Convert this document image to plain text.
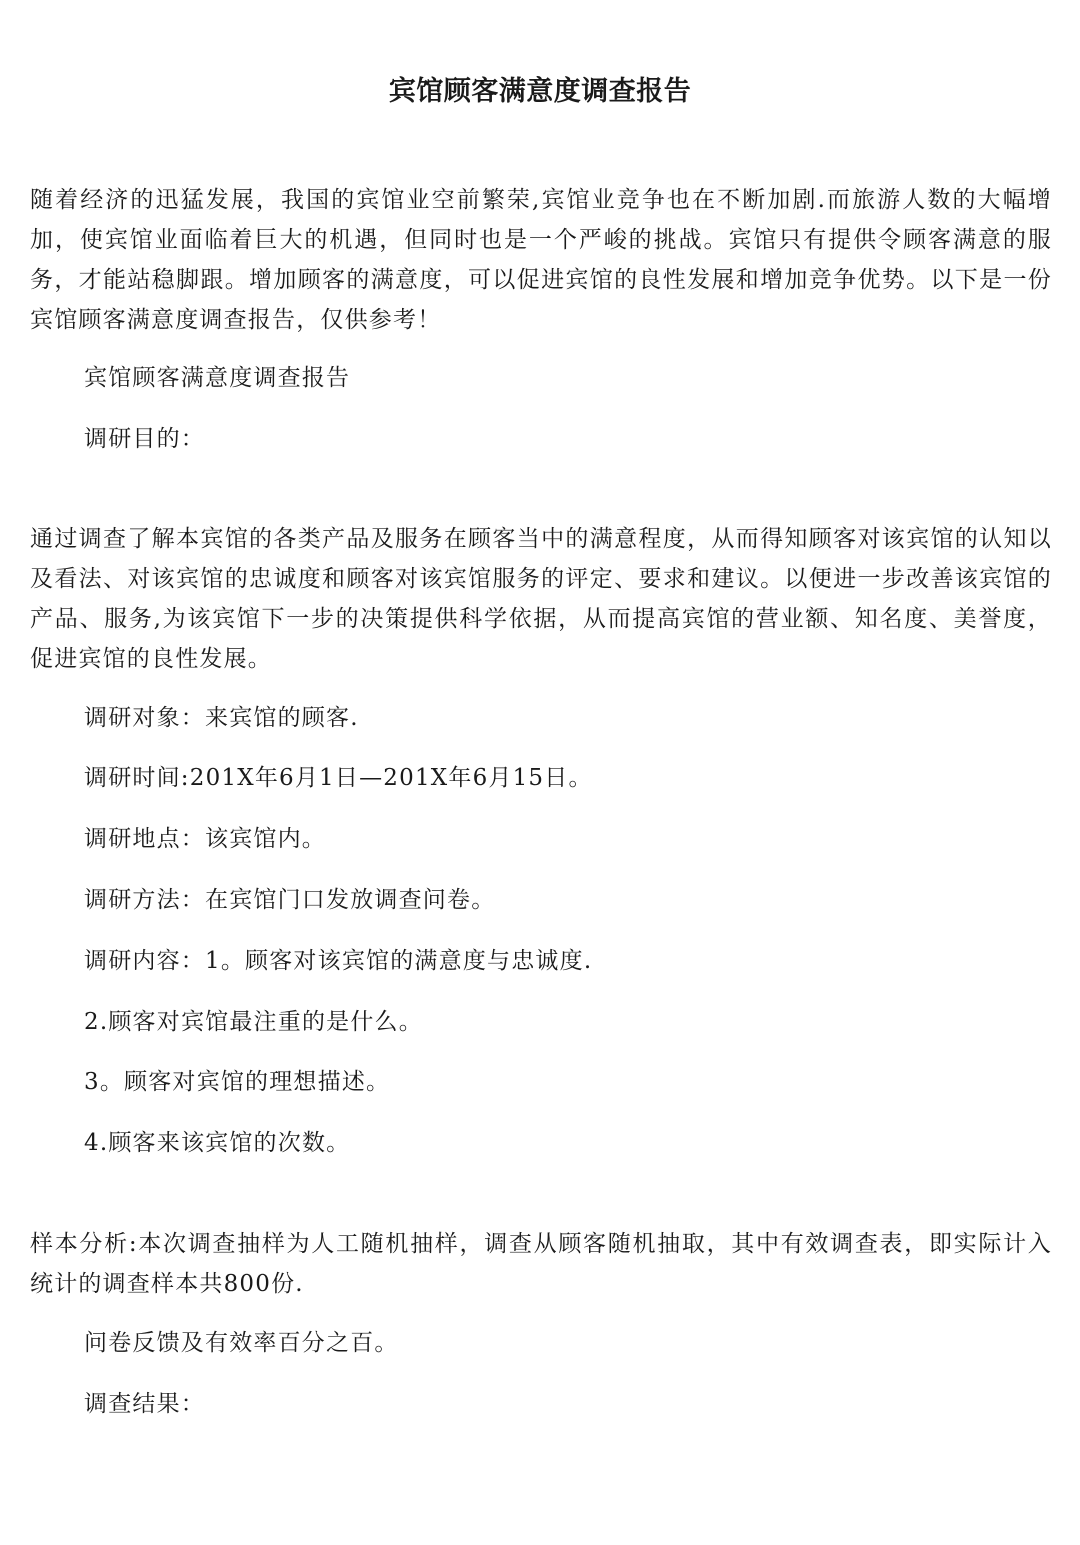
宾馆顾客满意度调查报告
随着经济的迅猛发展，我国的宾馆业空前繁荣,宾馆业竞争也在不断加剧.而旅游人数的大幅增加，使宾馆业面临着巨大的机遇，但同时也是一个严峻的挑战。宾馆只有提供令顾客满意的服务，才能站稳脚跟。增加顾客的满意度，可以促进宾馆的良性发展和增加竞争优势。以下是一份宾馆顾客满意度调查报告，仅供参考！
宾馆顾客满意度调查报告
调研目的：
通过调查了解本宾馆的各类产品及服务在顾客当中的满意程度，从而得知顾客对该宾馆的认知以及看法、对该宾馆的忠诚度和顾客对该宾馆服务的评定、要求和建议。以便进一步改善该宾馆的产品、服务,为该宾馆下一步的决策提供科学依据，从而提高宾馆的营业额、知名度、美誉度，促进宾馆的良性发展。
调研对象：来宾馆的顾客.
调研时间:201X年6月1日—201X年6月15日。
调研地点：该宾馆内。
调研方法：在宾馆门口发放调查问卷。
调研内容：1。顾客对该宾馆的满意度与忠诚度.
2.顾客对宾馆最注重的是什么。
3。顾客对宾馆的理想描述。
4.顾客来该宾馆的次数。
样本分析:本次调查抽样为人工随机抽样，调查从顾客随机抽取，其中有效调查表，即实际计入统计的调查样本共800份.
问卷反馈及有效率百分之百。
调查结果：
